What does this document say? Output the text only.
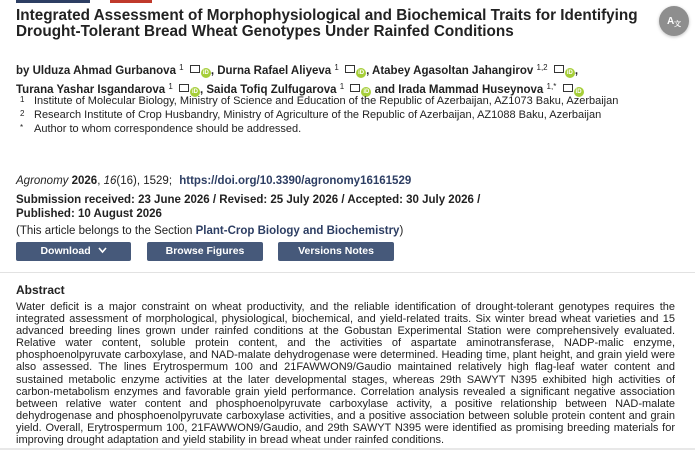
Integrated Assessment of Morphophysiological and Biochemical Traits for Identifying Drought-Tolerant Bread Wheat Genotypes Under Rainfed Conditions
A 文
by Ulduza Ahmad Gurbanova $^1$ iD , Durna Rafael Aliyeva $^1$ iD , Atabey Agasoltan Jahangirov $^{1,2}$ iD ,
Turana Yashar Isgandarova $^1$ iD , Saida Tofiq Zulfugarova $^1$ iD and Irada Mammad Huseynova $^{1,*}$ iD
1 Institute of Molecular Biology, Ministry of Science and Education of the Republic of Azerbaijan, AZ1073 Baku, Azerbaijan
2 Research Institute of Crop Husbandry, Ministry of Agriculture of the Republic of Azerbaijan, AZ1088 Baku, Azerbaijan
* Author to whom correspondence should be addressed.
Agronomy 2026, 16(16), 1529; https://doi.org/10.3390/agronomy16161529
Submission received: 23 June 2026 / Revised: 25 July 2026 / Accepted: 30 July 2026 /
Published: 10 August 2026
(This article belongs to the Section Plant-Crop Biology and Biochemistry)
Download	Browse Figures	Versions Notes
Abstract
Water deficit is a major constraint on wheat productivity, and the reliable identification of drought-tolerant genotypes requires the integrated assessment of morphological, physiological, biochemical, and yield-related traits. Six winter bread wheat varieties and 15 advanced breeding lines grown under rainfed conditions at the Gobustan Experimental Station were comprehensively evaluated. Relative water content, soluble protein content, and the activities of aspartate aminotransferase, NADP-malic enzyme, phosphoenolpyruvate carboxylase, and NAD-malate dehydrogenase were determined. Heading time, plant height, and grain yield were also assessed. The lines Erytrospermum 100 and 21FAWWON9/Gaudio maintained relatively high flag-leaf water content and sustained metabolic enzyme activities at the later developmental stages, whereas 29th SAWYT N395 exhibited high activities of carbon-metabolism enzymes and favorable grain yield performance. Correlation analysis revealed a significant negative association between relative water content and phosphoenolpyruvate carboxylase activity, a positive relationship between NAD-malate dehydrogenase and phosphoenolpyruvate carboxylase activities, and a positive association between soluble protein content and grain yield. Overall, Erytrospermum 100, 21FAWWON9/Gaudio, and 29th SAWYT N395 were identified as promising breeding materials for improving drought adaptation and yield stability in bread wheat under rainfed conditions.
